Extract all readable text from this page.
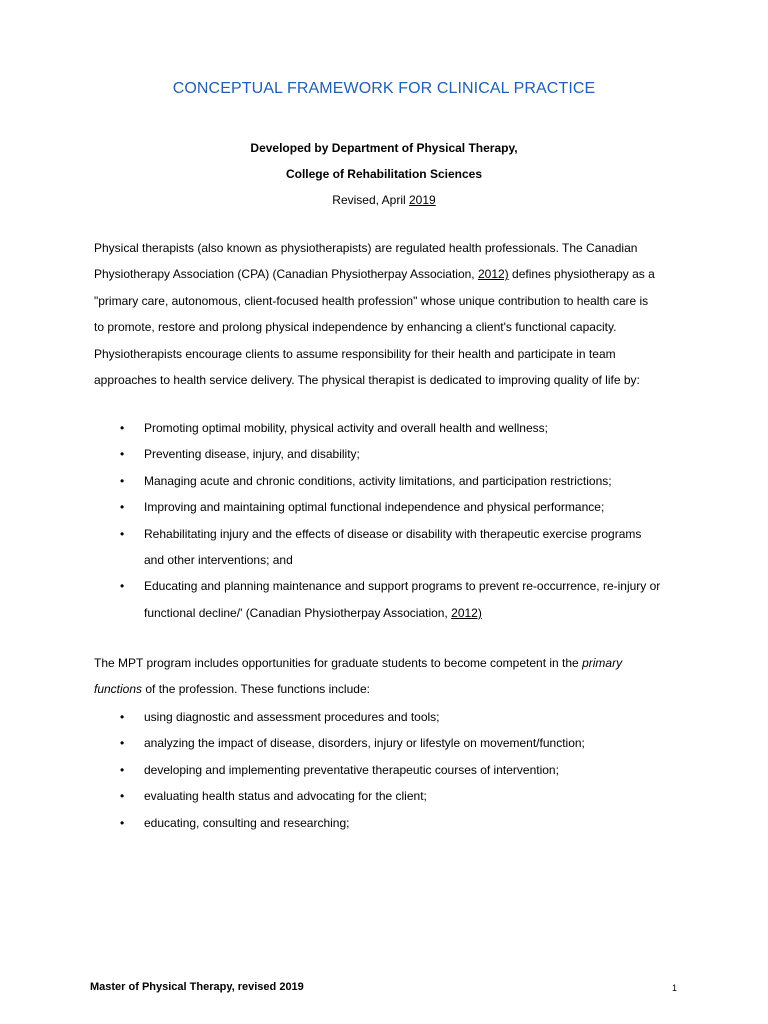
CONCEPTUAL FRAMEWORK FOR CLINICAL PRACTICE
Developed by Department of Physical Therapy,
College of Rehabilitation Sciences
Revised, April 2019
Physical therapists (also known as physiotherapists) are regulated health professionals. The Canadian
Physiotherapy Association (CPA) (Canadian Physiotherpay Association, 2012) defines physiotherapy as a
"primary care, autonomous, client-focused health profession" whose unique contribution to health care is
to promote, restore and prolong physical independence by enhancing a client's functional capacity.
Physiotherapists encourage clients to assume responsibility for their health and participate in team
approaches to health service delivery. The physical therapist is dedicated to improving quality of life by:
• Promoting optimal mobility, physical activity and overall health and wellness;
• Preventing disease, injury, and disability;
• Managing acute and chronic conditions, activity limitations, and participation restrictions;
• Improving and maintaining optimal functional independence and physical performance;
• Rehabilitating injury and the effects of disease or disability with therapeutic exercise programs
and other interventions; and
• Educating and planning maintenance and support programs to prevent re-occurrence, re-injury or
functional decline/' (Canadian Physiotherpay Association, 2012)
The MPT program includes opportunities for graduate students to become competent in the primary
functions of the profession. These functions include:
• using diagnostic and assessment procedures and tools;
• analyzing the impact of disease, disorders, injury or lifestyle on movement/function;
• developing and implementing preventative therapeutic courses of intervention;
• evaluating health status and advocating for the client;
• educating, consulting and researching;
Master of Physical Therapy, revised 2019	1
